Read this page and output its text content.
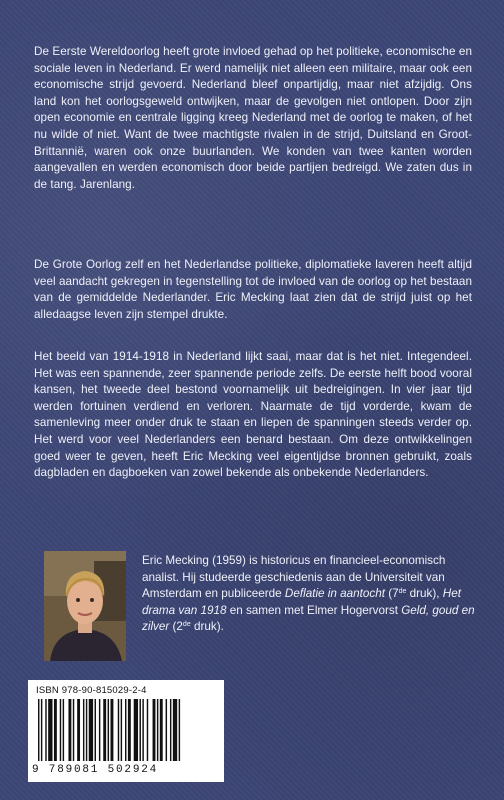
De Eerste Wereldoorlog heeft grote invloed gehad op het politieke, economische en sociale leven in Nederland. Er werd namelijk niet alleen een militaire, maar ook een economische strijd gevoerd. Nederland bleef onpartijdig, maar niet afzijdig. Ons land kon het oorlogsgeweld ontwijken, maar de gevolgen niet ontlopen. Door zijn open economie en centrale ligging kreeg Nederland met de oorlog te maken, of het nu wilde of niet. Want de twee machtigste rivalen in de strijd, Duitsland en Groot-Brittannië, waren ook onze buurlanden. We konden van twee kanten worden aangevallen en werden economisch door beide partijen bedreigd. We zaten dus in de tang. Jarenlang.

De Grote Oorlog zelf en het Nederlandse politieke, diplomatieke laveren heeft altijd veel aandacht gekregen in tegenstelling tot de invloed van de oorlog op het bestaan van de gemiddelde Nederlander. Eric Mecking laat zien dat de strijd juist op het alledaagse leven zijn stempel drukte.

Het beeld van 1914-1918 in Nederland lijkt saai, maar dat is het niet. Integendeel. Het was een spannende, zeer spannende periode zelfs. De eerste helft bood vooral kansen, het tweede deel bestond voornamelijk uit bedreigingen. In vier jaar tijd werden fortuinen verdiend en verloren. Naarmate de tijd vorderde, kwam de samenleving meer onder druk te staan en liepen de spanningen steeds verder op. Het werd voor veel Nederlanders een benard bestaan. Om deze ontwikkelingen goed weer te geven, heeft Eric Mecking veel eigentijdse bronnen gebruikt, zoals dagbladen en dagboeken van zowel bekende als onbekende Nederlanders.

Eric Mecking (1959) is historicus en financieel-economisch analist. Hij studeerde geschiedenis aan de Universiteit van Amsterdam en publiceerde Deflatie in aantocht (7de druk), Het drama van 1918 en samen met Elmer Hogervorst Geld, goud en zilver (2de druk).

ISBN 978-90-815029-2-4
9 789081 502924
